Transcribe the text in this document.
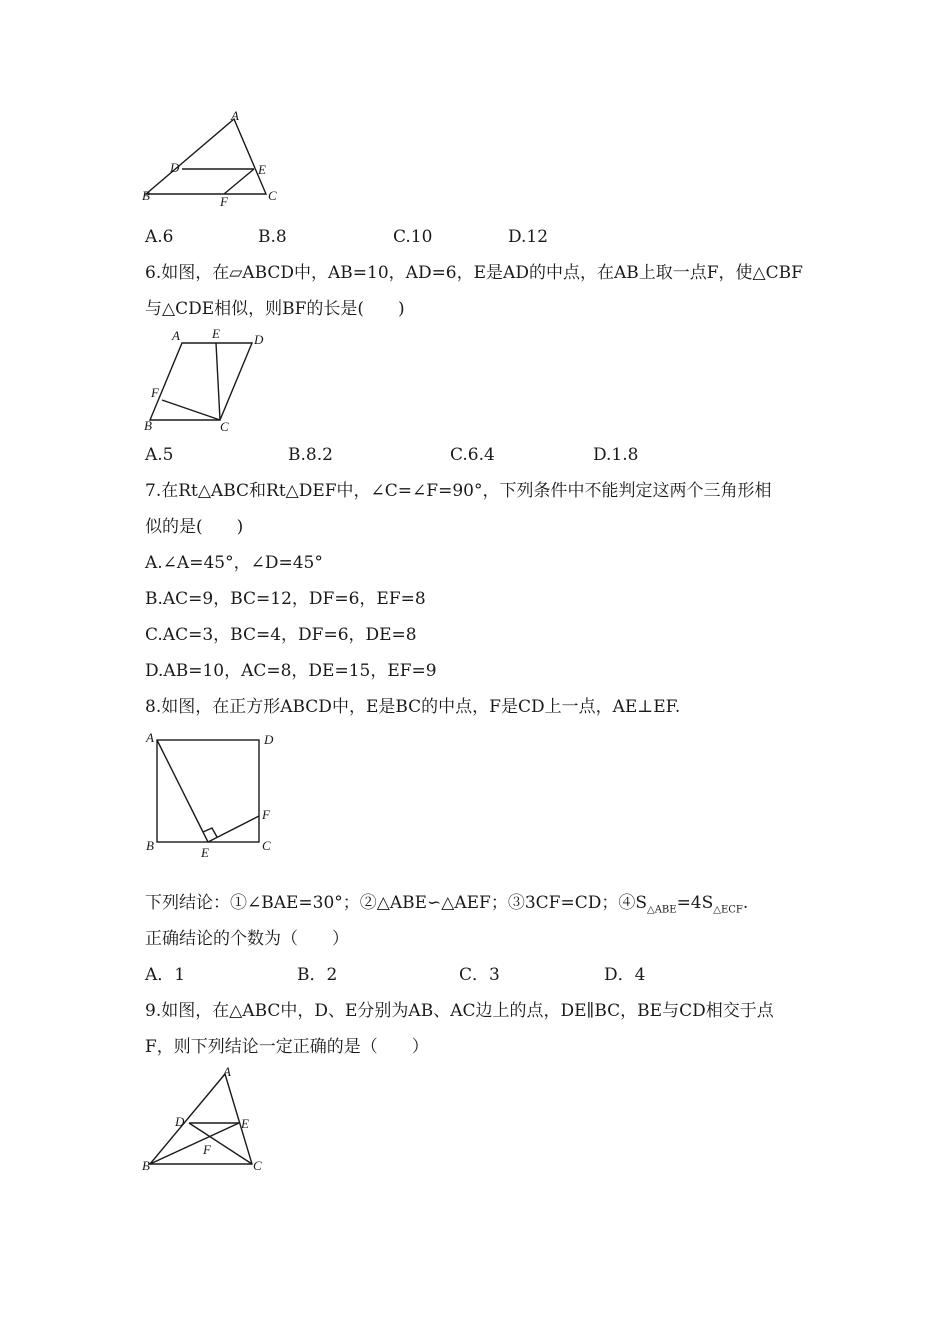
A
B	C
D	E
F
A.6	B.8	C.10	D.12
6.如图，在▱ABCD中，AB=10，AD=6，E是AD的中点，在AB上取一点F，使△CBF
与△CDE相似，则BF的长是(　　)
A E	D
F
B	C
A.5	B.8.2	C.6.4	D.1.8
7.在Rt△ABC和Rt△DEF中，∠C=∠F=90°，下列条件中不能判定这两个三角形相
似的是(　　)
A.∠A=45°，∠D=45°
B.AC=9，BC=12，DF=6，EF=8
C.AC=3，BC=4，DF=6，DE=8
D.AB=10，AC=8，DE=15，EF=9
8.如图，在正方形ABCD中，E是BC的中点，F是CD上一点，AE⊥EF.
A	D
F
B	E	C
下列结论：①∠BAE=30°；②△ABE∽△AEF；③3CF=CD；$④S_{\triangle ABE}=4S_{\triangle ECF}$.
正确结论的个数为（　　）
A．1	B．2	C．3	D．4
9.如图，在△ABC中，D、E分别为AB、AC边上的点，DE∥BC，BE与CD相交于点
F，则下列结论一定正确的是（　　）
A
D	E
F
B	C
